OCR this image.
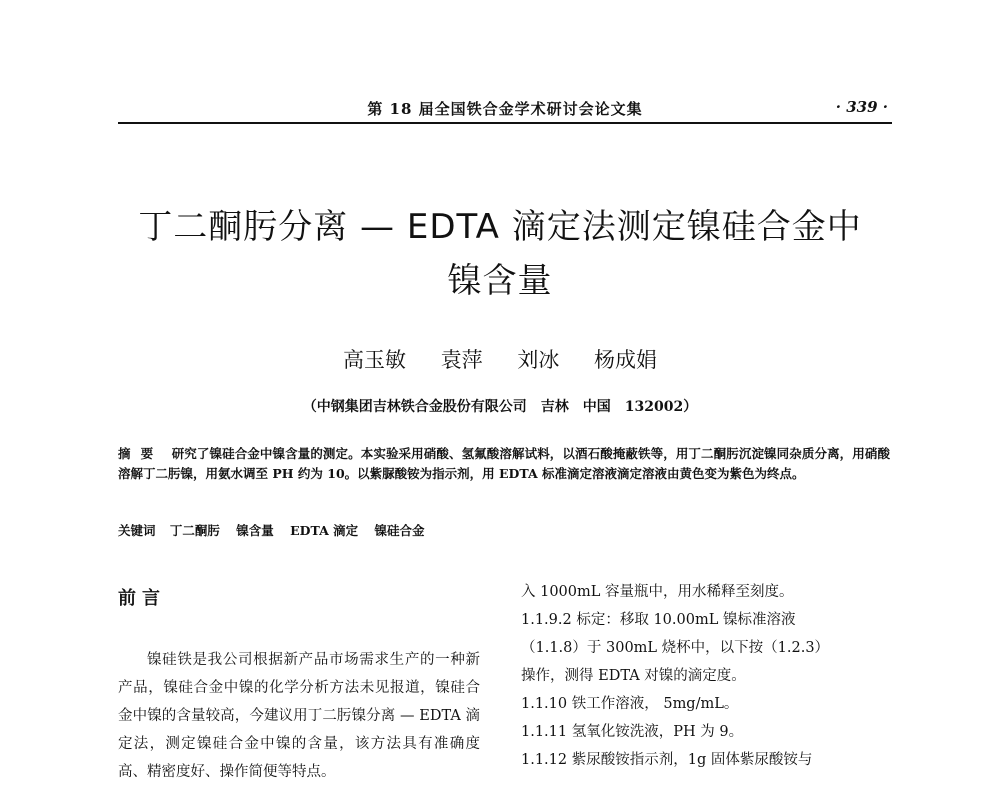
第 18 届全国铁合金学术研讨会论文集	· 339 ·
丁二酮肟分离 — EDTA 滴定法测定镍硅合金中
镍含量
高玉敏 袁萍 刘冰 杨成娟
（中钢集团吉林铁合金股份有限公司　吉林　中国　132002）
摘要 研究了镍硅合金中镍含量的测定。本实验采用硝酸、氢氟酸溶解试料，以酒石酸掩蔽铁等，用丁二酮肟沉淀镍同杂质分离，用硝酸溶解丁二肟镍，用氨水调至 PH 约为 10。以紫脲酸铵为指示剂，用 EDTA 标准滴定溶液滴定溶液由黄色变为紫色为终点。
关键词 丁二酮肟 镍含量 EDTA 滴定 镍硅合金
前言

镍硅铁是我公司根据新产品市场需求生产的一种新产品，镍硅合金中镍的化学分析方法未见报道，镍硅合金中镍的含量较高，今建议用丁二肟镍分离 — EDTA 滴定法，测定镍硅合金中镍的含量，该方法具有准确度高、精密度好、操作简便等特点。

入 1000mL 容量瓶中，用水稀释至刻度。
1.1.9.2 标定：移取 10.00mL 镍标准溶液
（1.1.8）于 300mL 烧杯中，以下按（1.2.3）
操作，测得 EDTA 对镍的滴定度。
1.1.10 铁工作溶液， 5mg/mL。
1.1.11 氢氧化铵洗液，PH 为 9。
1.1.12 紫尿酸铵指示剂，1g 固体紫尿酸铵与
